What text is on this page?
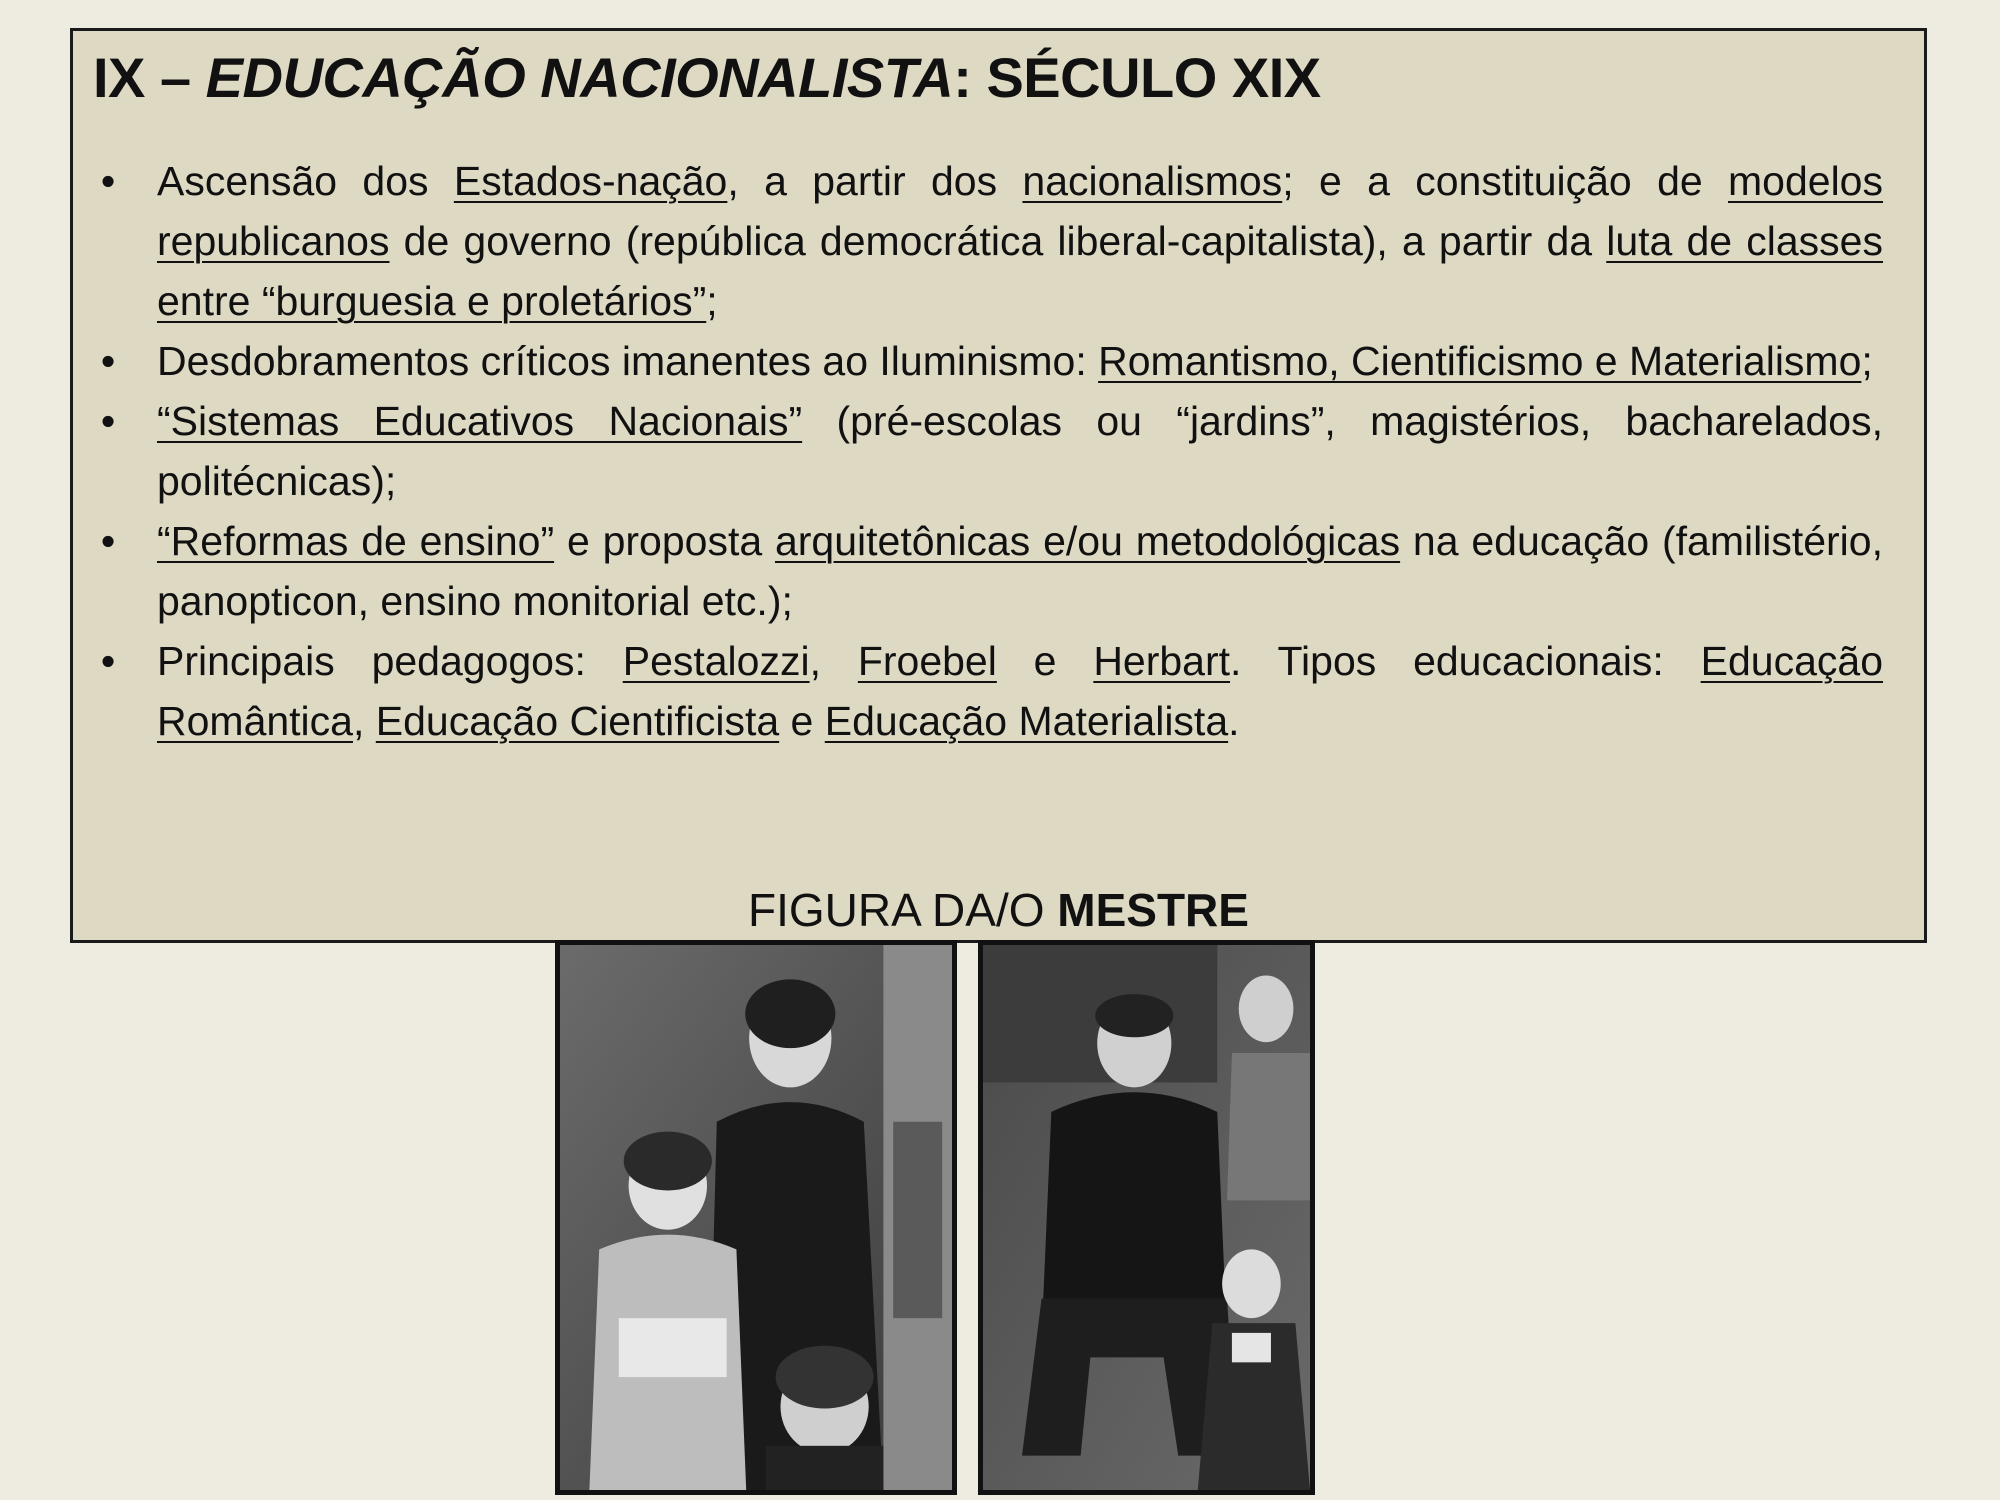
IX – EDUCAÇÃO NACIONALISTA: SÉCULO XIX
• Ascensão dos Estados-nação, a partir dos nacionalismos; e a constituição de modelos republicanos de governo (república democrática liberal-capitalista), a partir da luta de classes entre “burguesia e proletários”;
• Desdobramentos críticos imanentes ao Iluminismo: Romantismo, Cientificismo e Materialismo;
• “Sistemas Educativos Nacionais” (pré-escolas ou “jardins”, magistérios, bacharelados, politécnicas);
• “Reformas de ensino” e proposta arquitetônicas e/ou metodológicas na educação (familistério, panopticon, ensino monitorial etc.);
• Principais pedagogos: Pestalozzi, Froebel e Herbart. Tipos educacionais: Educação Romântica, Educação Cientificista e Educação Materialista.
FIGURA DA/O MESTRE
